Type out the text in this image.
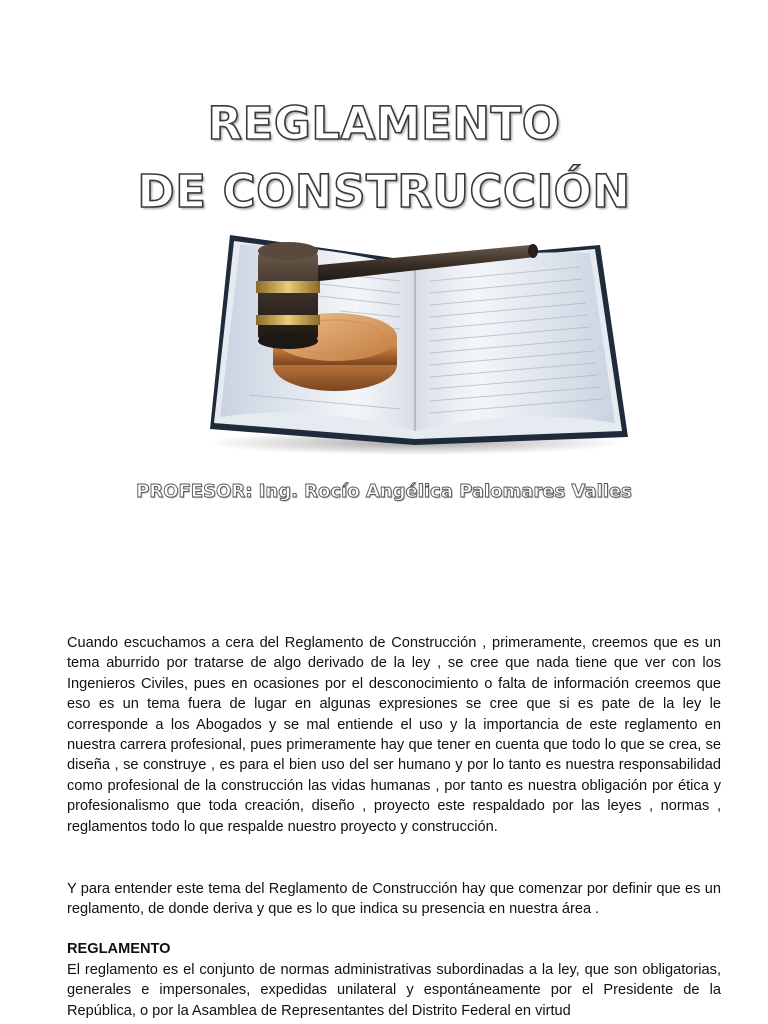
REGLAMENTO
DE CONSTRUCCIÓN
PROFESOR: Ing. Rocío Angélica Palomares Valles

Cuando escuchamos a cera del Reglamento de Construcción , primeramente, creemos que es un tema aburrido por tratarse de algo derivado de la ley , se cree que nada tiene que ver con los Ingenieros Civiles, pues en ocasiones por el desconocimiento o falta de información creemos que eso es un tema fuera de lugar en algunas expresiones se cree que si es pate de la ley le corresponde a los Abogados y se mal entiende el uso y la importancia de este reglamento en nuestra carrera profesional, pues primeramente hay que tener en cuenta que todo lo que se crea, se diseña , se construye , es para el bien uso del ser humano y por lo tanto es nuestra responsabilidad como profesional de la construcción las vidas humanas , por tanto es nuestra obligación por ética y profesionalismo que toda creación, diseño , proyecto este respaldado por las leyes , normas , reglamentos todo lo que respalde nuestro proyecto y construcción.

Y para entender este tema del Reglamento de Construcción hay que comenzar por definir que es un reglamento, de donde deriva y que es lo que indica su presencia en nuestra área .

REGLAMENTO

El reglamento es el conjunto de normas administrativas subordinadas a la ley, que son obligatorias, generales e impersonales, expedidas unilateral y espontáneamente por el Presidente de la República, o por la Asamblea de Representantes del Distrito Federal en virtud
